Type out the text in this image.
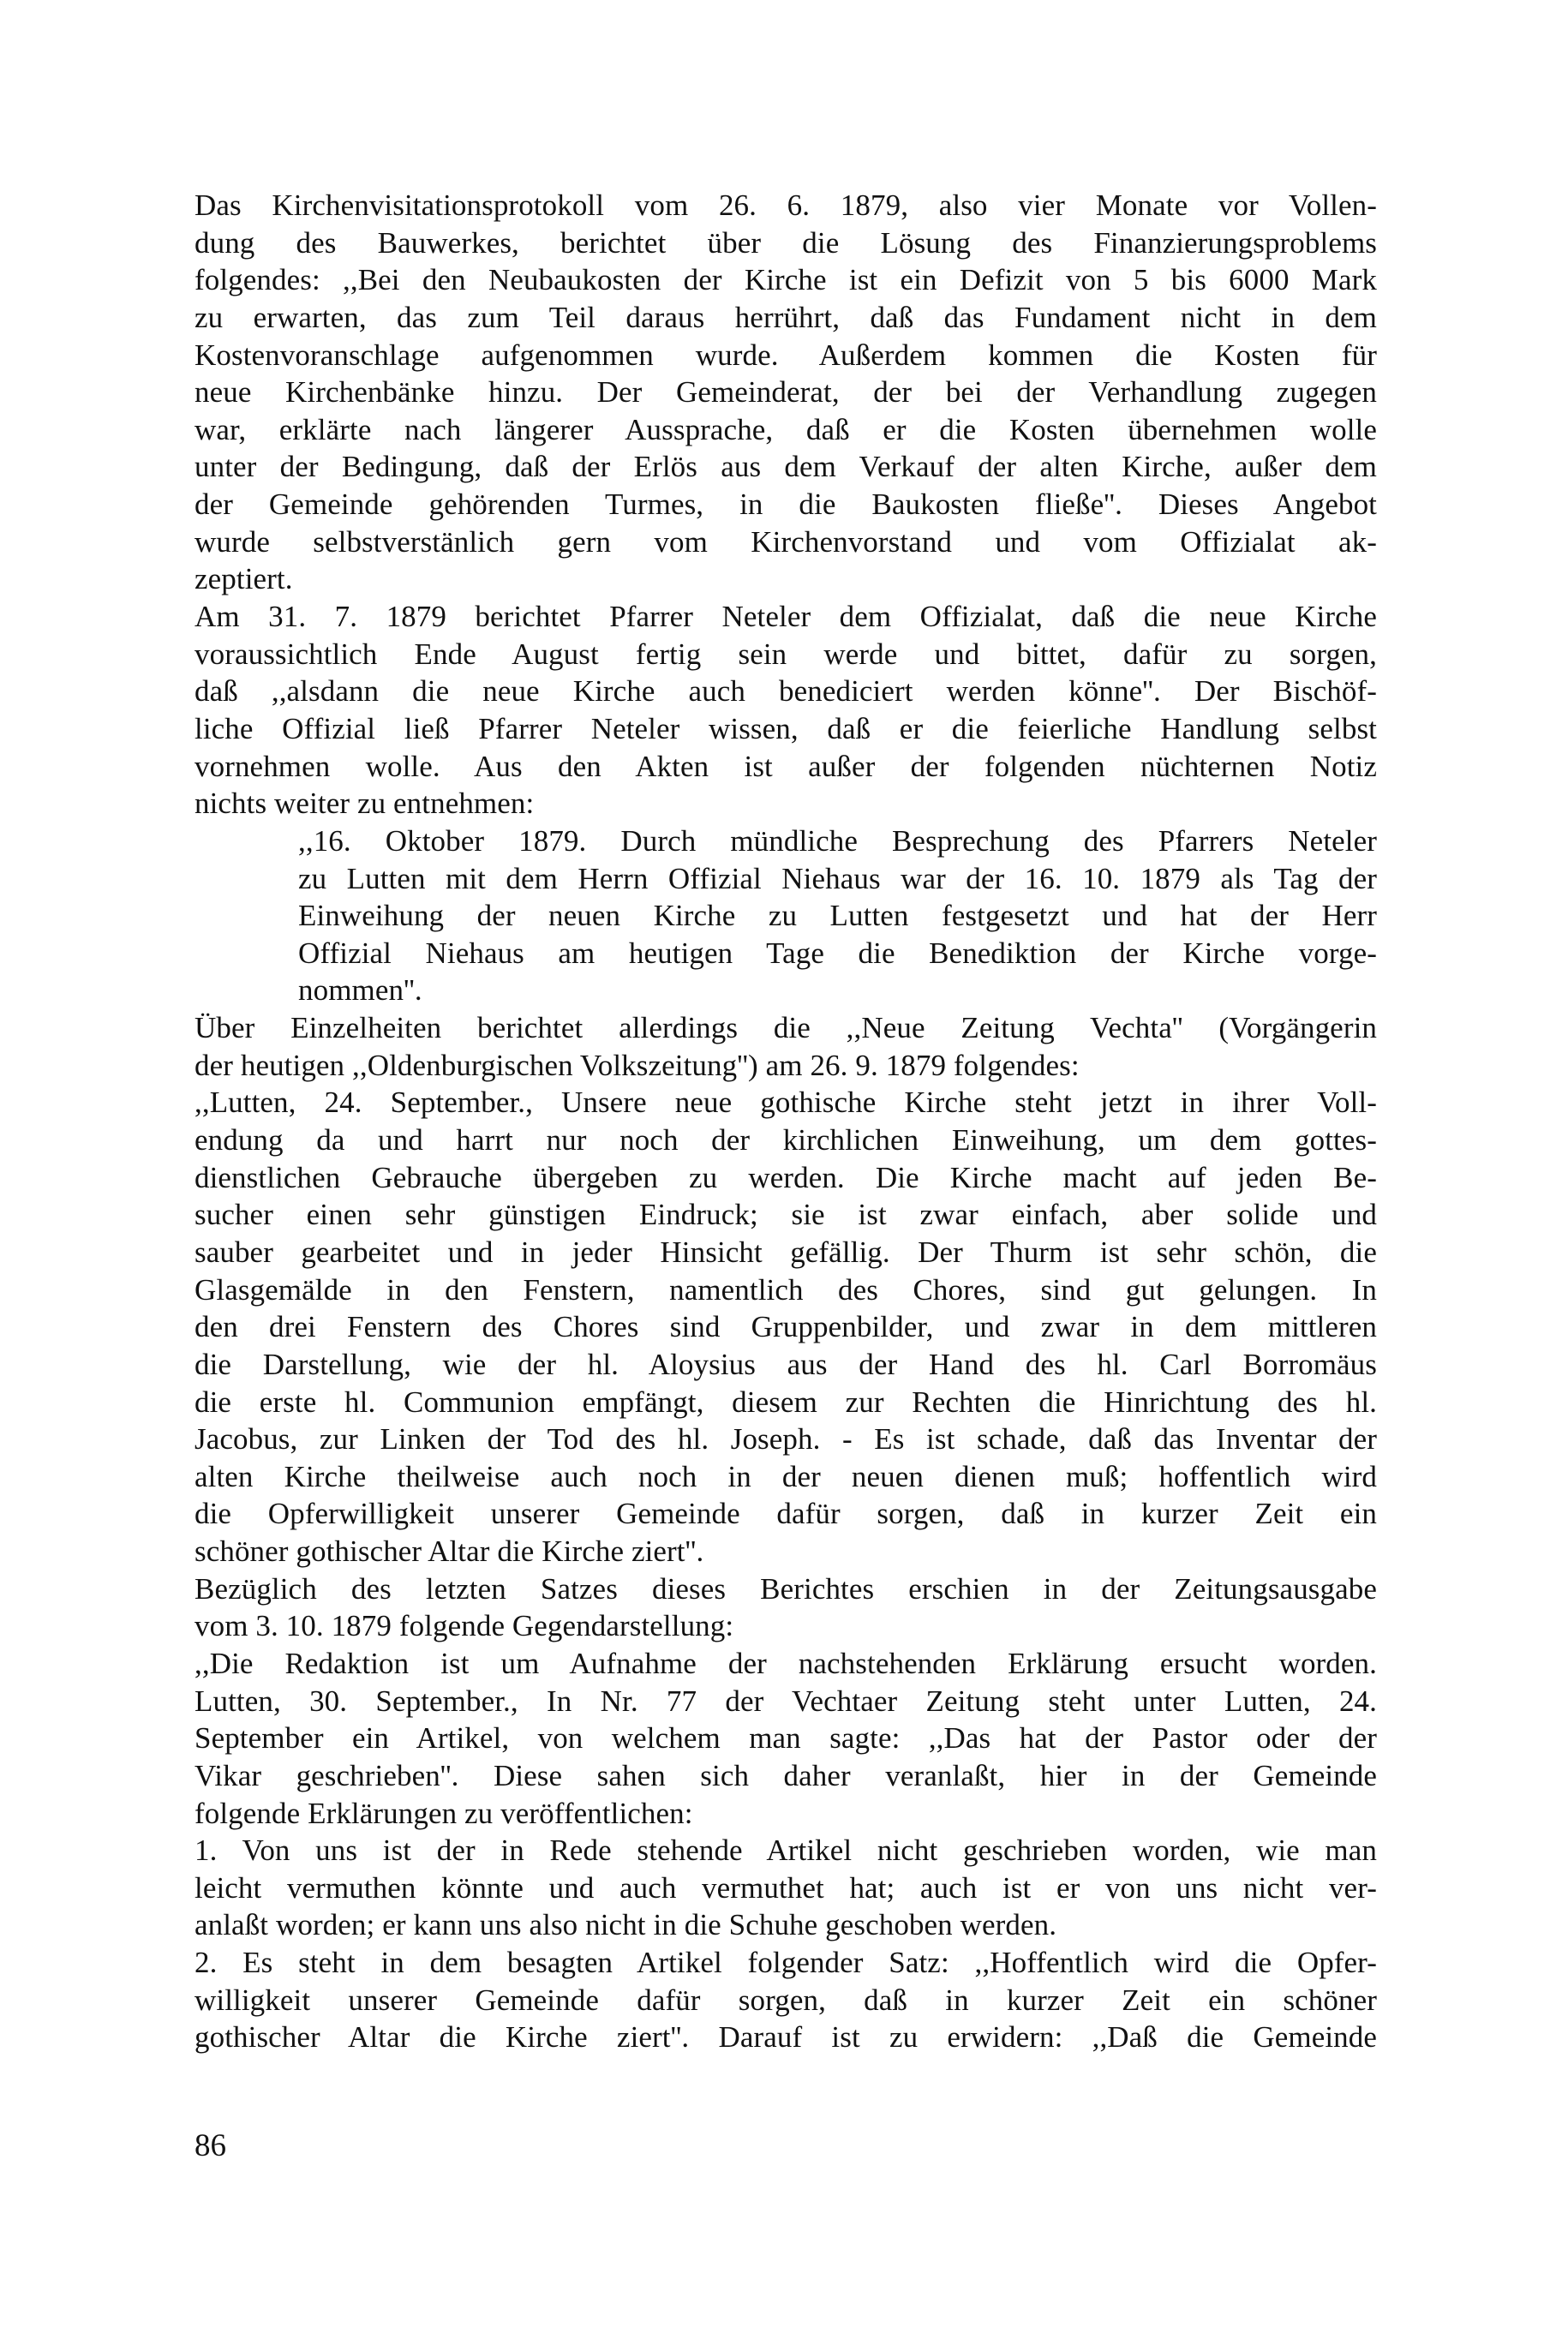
Das Kirchenvisitationsprotokoll vom 26. 6. 1879, also vier Monate vor Vollen-
dung des Bauwerkes, berichtet über die Lösung des Finanzierungsproblems
folgendes: ,,Bei den Neubaukosten der Kirche ist ein Defizit von 5 bis 6000 Mark
zu erwarten, das zum Teil daraus herrührt, daß das Fundament nicht in dem
Kostenvoranschlage aufgenommen wurde. Außerdem kommen die Kosten für
neue Kirchenbänke hinzu. Der Gemeinderat, der bei der Verhandlung zugegen
war, erklärte nach längerer Aussprache, daß er die Kosten übernehmen wolle
unter der Bedingung, daß der Erlös aus dem Verkauf der alten Kirche, außer dem
der Gemeinde gehörenden Turmes, in die Baukosten fließe''. Dieses Angebot
wurde selbstverstänlich gern vom Kirchenvorstand und vom Offizialat ak-
zeptiert.
Am 31. 7. 1879 berichtet Pfarrer Neteler dem Offizialat, daß die neue Kirche
voraussichtlich Ende August fertig sein werde und bittet, dafür zu sorgen,
daß ,,alsdann die neue Kirche auch benediciert werden könne''. Der Bischöf-
liche Offizial ließ Pfarrer Neteler wissen, daß er die feierliche Handlung selbst
vornehmen wolle. Aus den Akten ist außer der folgenden nüchternen Notiz
nichts weiter zu entnehmen:
,,16. Oktober 1879. Durch mündliche Besprechung des Pfarrers Neteler
zu Lutten mit dem Herrn Offizial Niehaus war der 16. 10. 1879 als Tag der
Einweihung der neuen Kirche zu Lutten festgesetzt und hat der Herr
Offizial Niehaus am heutigen Tage die Benediktion der Kirche vorge-
nommen''.
Über Einzelheiten berichtet allerdings die ,,Neue Zeitung Vechta'' (Vorgängerin
der heutigen ,,Oldenburgischen Volkszeitung'') am 26. 9. 1879 folgendes:
,,Lutten, 24. September., Unsere neue gothische Kirche steht jetzt in ihrer Voll-
endung da und harrt nur noch der kirchlichen Einweihung, um dem gottes-
dienstlichen Gebrauche übergeben zu werden. Die Kirche macht auf jeden Be-
sucher einen sehr günstigen Eindruck; sie ist zwar einfach, aber solide und
sauber gearbeitet und in jeder Hinsicht gefällig. Der Thurm ist sehr schön, die
Glasgemälde in den Fenstern, namentlich des Chores, sind gut gelungen. In
den drei Fenstern des Chores sind Gruppenbilder, und zwar in dem mittleren
die Darstellung, wie der hl. Aloysius aus der Hand des hl. Carl Borromäus
die erste hl. Communion empfängt, diesem zur Rechten die Hinrichtung des hl.
Jacobus, zur Linken der Tod des hl. Joseph. - Es ist schade, daß das Inventar der
alten Kirche theilweise auch noch in der neuen dienen muß; hoffentlich wird
die Opferwilligkeit unserer Gemeinde dafür sorgen, daß in kurzer Zeit ein
schöner gothischer Altar die Kirche ziert''.
Bezüglich des letzten Satzes dieses Berichtes erschien in der Zeitungsausgabe
vom 3. 10. 1879 folgende Gegendarstellung:
,,Die Redaktion ist um Aufnahme der nachstehenden Erklärung ersucht worden.
Lutten, 30. September., In Nr. 77 der Vechtaer Zeitung steht unter Lutten, 24.
September ein Artikel, von welchem man sagte: ,,Das hat der Pastor oder der
Vikar geschrieben''. Diese sahen sich daher veranlaßt, hier in der Gemeinde
folgende Erklärungen zu veröffentlichen:
1. Von uns ist der in Rede stehende Artikel nicht geschrieben worden, wie man
leicht vermuthen könnte und auch vermuthet hat; auch ist er von uns nicht ver-
anlaßt worden; er kann uns also nicht in die Schuhe geschoben werden.
2. Es steht in dem besagten Artikel folgender Satz: ,,Hoffentlich wird die Opfer-
willigkeit unserer Gemeinde dafür sorgen, daß in kurzer Zeit ein schöner
gothischer Altar die Kirche ziert''. Darauf ist zu erwidern: ,,Daß die Gemeinde
86
